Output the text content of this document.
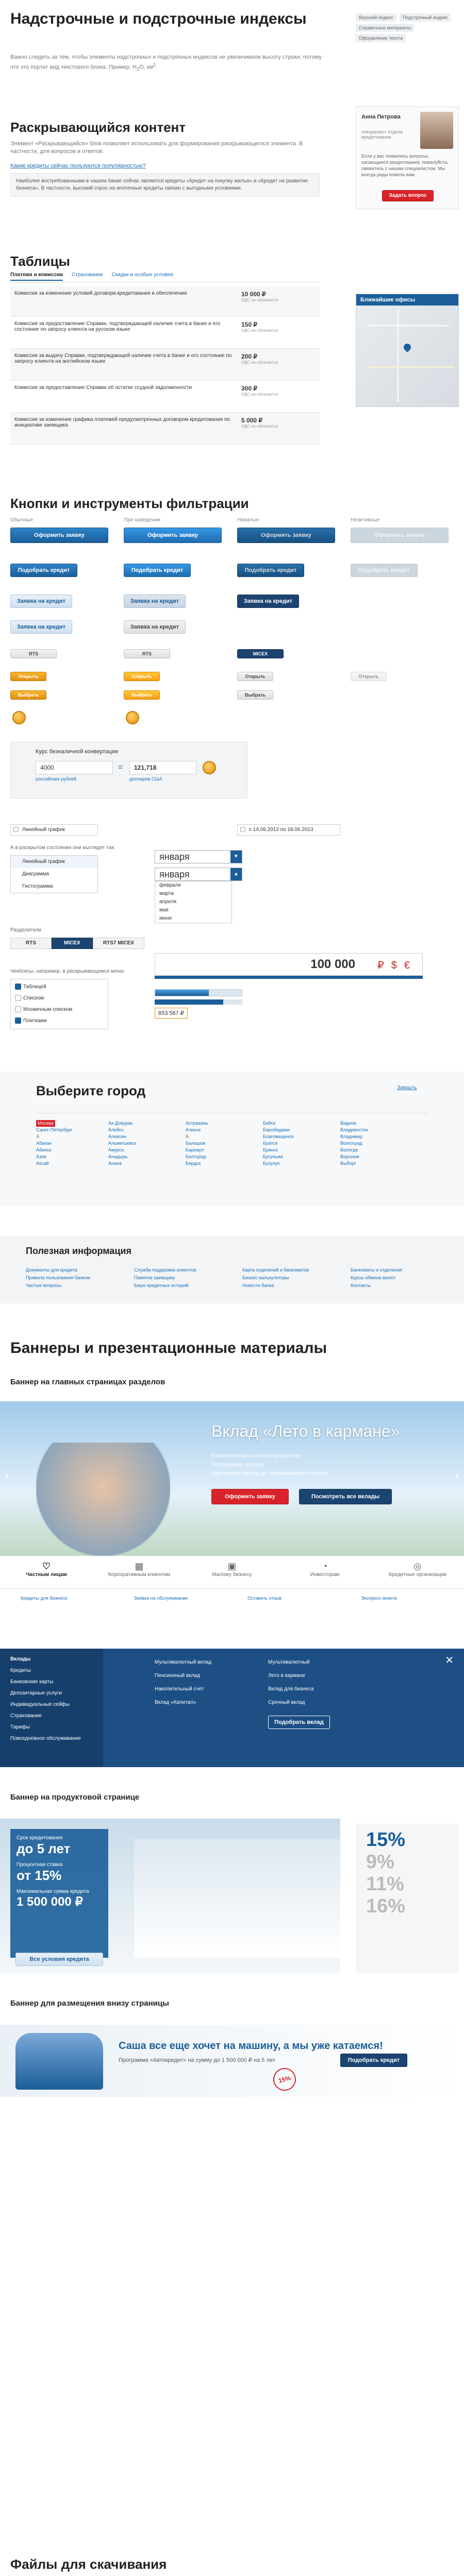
Надстрочные и подстрочные индексы
Важно следить за тем, чтобы элементы надстрочных и подстрочных индексов не увеличивали высоту строки, потому что это портит вид текстового блока. Пример: $Н_2O$, $км^2$.
Верхний индекс Подстрочный индекс Справочные материалы Оформление текста
Раскрывающийся контент
Элемент «Раскрывающийся» блок позволяет использовать для формирования раскрывающегося элемента. В частности, для вопросов и ответов.
Какие кредиты сейчас пользуются популярностью?
Наиболее востребованными в нашем банке сейчас являются кредиты «Кредит на покупку жилья» и «Кредит на развитие бизнеса». В частности, высокий спрос на ипотечные кредиты связан с выгодными условиями.
Анна Петрова
специалист отдела кредитования
Если у вас появились вопросы, касающиеся кредитования, пожалуйста, свяжитесь с нашим специалистом. Мы всегда рады помочь вам.
Задать вопрос
Таблицы
Платежи и комиссии Страхование Скидки и особые условия
Комиссия за изменение условий договора кредитования и обеспечения	10 000 ₽
НДС не облагается

Комиссия за предоставление Справки, подтверждающей наличие счета в банке и его состояние по запросу клиента на русском языке	150 ₽
НДС не облагается

Комиссия за выдачу Справки, подтверждающей наличие счета в банке и его состояние по запросу клиента на английском языке	200 ₽
НДС не облагается

Комиссия за предоставление Справки об остатке ссудной задолженности	300 ₽
НДС не облагается

Комиссия за изменение графика платежей предусмотренных договором кредитования по инициативе заемщика	5 000 ₽
НДС не облагается
Ближайшие офисы
Кнопки и инструменты фильтрации
Обычные	При наведении	Нажатые	Неактивные
Оформить заявку	Оформить заявку	Оформить заявку	Оформить заявку
Подобрать кредит	Подобрать кредит	Подобрать кредит	Подобрать кредит
Заявка на кредит	Заявка на кредит	Заявка на кредит
Заявка на кредит	Заявка на кредит
RTS	RTS	MICEX
Открыть	Открыть	Открыть	Открыть
Выбрать	Выбрать	Выбрать
Курс безналичной конвертации
4000
российских рублей
=	121,718
долларов США
Линейный график	с 14.06.2013 по 18.06.2013
А в раскрытом состоянии они выглядят так:
Линейный график
Диаграмма
Гистограмма
января	▼
января	▲
февраля
марта
апреля
мая
июня
Разделители
RTS	MICEX	RTS7 MICEX
Чекбоксы, например, в раскрывающемся меню
Таблицей
Списком
Мозаичным списком
Плитками
100 000 ₽$€
853 567 ₽
Выберите город	Закрыть
Москва
Санкт-Петербург
А
Абакан
Абинск
Азов
Аксай
Ак-Довурак
Алейск
Алексин
Альметьевск
Амурск
Анадырь
Анапа
Астрахань
Ачинск
Б
Балашов
Барнаул
Белгород
Бердск
Бийск
Биробиджан
Благовещенск
Братск
Брянск
Бугульма
Бузулук
Видное
Владивосток
Владимир
Волгоград
Вологда
Воронеж
Выборг
Полезная информация
Документы для кредита
Правила пользования банком
Частые вопросы
Служба поддержки клиентов
Памятки заемщику
Бюро кредитных историй
Карта отделений и банкоматов
Бизнес-калькуляторы
Новости банка
Банкоматы и отделения
Курсы обмена валют
Контакты
Баннеры и презентационные материалы
Баннер на главных страницах разделов
Вклад «Лето в кармане»
Ежемесячная выплата процентов
Пополнение вклада
Частичное снятие до неснижаемого остатка
Оформить заявку	Посмотреть все вклады
‹	›
♡
Частным лицам
▦
Корпоративным клиентам
▣
Малому бизнесу
◔
Инвесторам
◎
Кредитные организации
Кредиты для бизнеса	Заявка на обслуживание	Оставить отзыв	Экспресс-анкета
Вклады
Кредиты
Банковские карты
Депозитарные услуги
Индивидуальные сейфы
Страхование
Тарифы
Повседневное обслуживание
Мультивалютный вклад
Пенсионный вклад
Накопительный счёт
Вклад «Капитал»
Мультивалютный
Лето в кармане
Вклад для бизнеса
Срочный вклад
Подобрать вклад
✕
Баннер на продуктовой странице
Срок кредитования
до 5 лет
Процентная ставка
от 15%
Максимальная сумма кредита
1 500 000 ₽
Все условия кредита
15%
9%
11%
16%
Баннер для размещения внизу страницы
Саша все еще хочет на машину, а мы уже катаемся!
Программа «Автокредит» на сумму до 1 500 000 ₽ на 5 лет.	Подобрать кредит
15%
Файлы для скачивания
